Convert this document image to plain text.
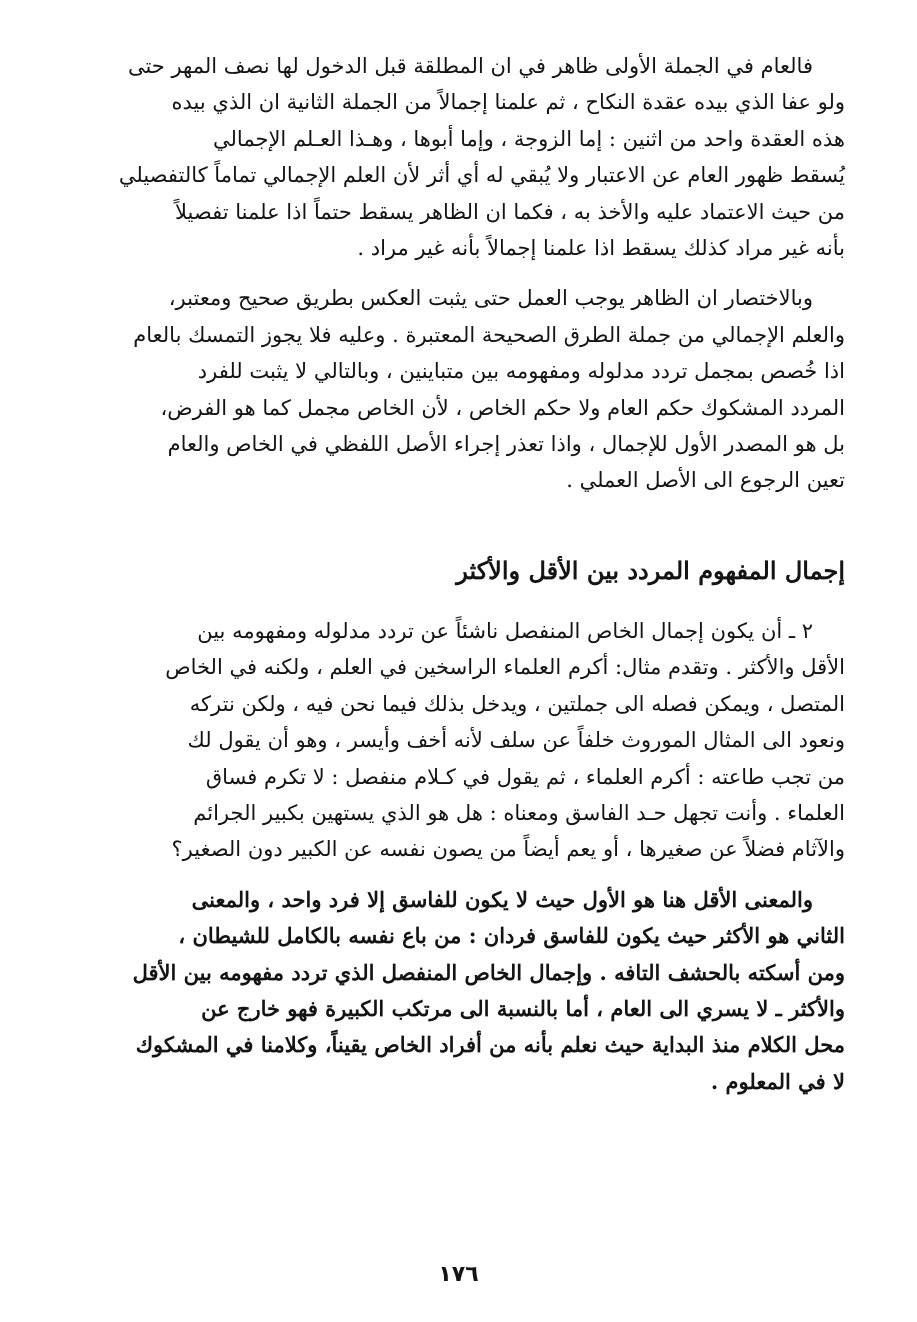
فالعام في الجملة الأولى ظاهر في ان المطلقة قبل الدخول لها نصف المهر حتى
ولو عفا الذي بيده عقدة النكاح ، ثم علمنا إجمالاً من الجملة الثانية ان الذي بيده
هذه العقدة واحد من اثنين : إما الزوجة ، وإما أبوها ، وهـذا العـلم الإجمالي
يُسقط ظهور العام عن الاعتبار ولا يُبقي له أي أثر لأن العلم الإجمالي تماماً كالتفصيلي
من حيث الاعتماد عليه والأخذ به ، فكما ان الظاهر يسقط حتماً اذا علمنا تفصيلاً
بأنه غير مراد كذلك يسقط اذا علمنا إجمالاً بأنه غير مراد .

وبالاختصار ان الظاهر يوجب العمل حتى يثبت العكس بطريق صحيح ومعتبر،
والعلم الإجمالي من جملة الطرق الصحيحة المعتبرة . وعليه فلا يجوز التمسك بالعام
اذا خُصص بمجمل تردد مدلوله ومفهومه بين متباينين ، وبالتالي لا يثبت للفرد
المردد المشكوك حكم العام ولا حكم الخاص ، لأن الخاص مجمل كما هو الفرض،
بل هو المصدر الأول للإجمال ، واذا تعذر إجراء الأصل اللفظي في الخاص والعام
تعين الرجوع الى الأصل العملي .

إجمال المفهوم المردد بين الأقل والأكثر

٢ ـ أن يكون إجمال الخاص المنفصل ناشئاً عن تردد مدلوله ومفهومه بين
الأقل والأكثر . وتقدم مثال: أكرم العلماء الراسخين في العلم ، ولكنه في الخاص
المتصل ، ويمكن فصله الى جملتين ، ويدخل بذلك فيما نحن فيه ، ولكن نتركه
ونعود الى المثال الموروث خلفاً عن سلف لأنه أخف وأيسر ، وهو أن يقول لك
من تجب طاعته : أكرم العلماء ، ثم يقول في كـلام منفصل : لا تكرم فساق
العلماء . وأنت تجهل حـد الفاسق ومعناه : هل هو الذي يستهين بكبير الجرائم
والآثام فضلاً عن صغيرها ، أو يعم أيضاً من يصون نفسه عن الكبير دون الصغير؟

والمعنى الأقل هنا هو الأول حيث لا يكون للفاسق إلا فرد واحد ، والمعنى
الثاني هو الأكثر حيث يكون للفاسق فردان : من باع نفسه بالكامل للشيطان ،
ومن أسكته بالحشف التافه . وإجمال الخاص المنفصل الذي تردد مفهومه بين الأقل
والأكثر ـ لا يسري الى العام ، أما بالنسبة الى مرتكب الكبيرة فهو خارج عن
محل الكلام منذ البداية حيث نعلم بأنه من أفراد الخاص يقيناً، وكلامنا في المشكوك
لا في المعلوم .

١٧٦
